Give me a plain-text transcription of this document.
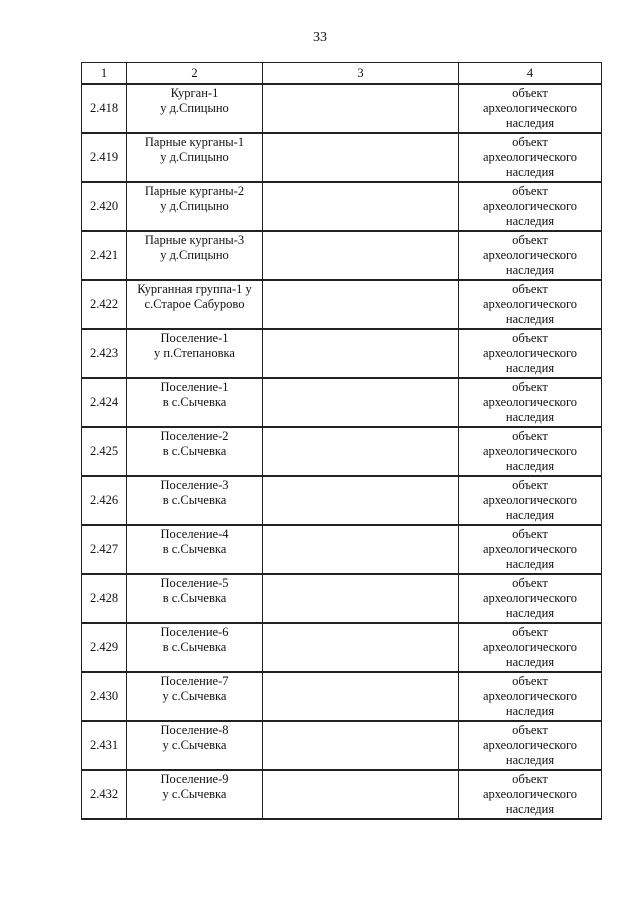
33
1	2	3	4
2.418	Курган-1
у д.Спицыно		объект
археологического
наследия

2.419	Парные курганы-1
у д.Спицыно		объект
археологического
наследия

2.420	Парные курганы-2
у д.Спицыно		объект
археологического
наследия

2.421	Парные курганы-3
у д.Спицыно		объект
археологического
наследия

2.422	Курганная группа-1 у
с.Старое Сабурово		объект
археологического
наследия

2.423	Поселение-1
у п.Степановка		объект
археологического
наследия

2.424	Поселение-1
в с.Сычевка		объект
археологического
наследия

2.425	Поселение-2
в с.Сычевка		объект
археологического
наследия

2.426	Поселение-3
в с.Сычевка		объект
археологического
наследия

2.427	Поселение-4
в с.Сычевка		объект
археологического
наследия

2.428	Поселение-5
в с.Сычевка		объект
археологического
наследия

2.429	Поселение-6
в с.Сычевка		объект
археологического
наследия

2.430	Поселение-7
у с.Сычевка		объект
археологического
наследия

2.431	Поселение-8
у с.Сычевка		объект
археологического
наследия

2.432	Поселение-9
у с.Сычевка		объект
археологического
наследия
